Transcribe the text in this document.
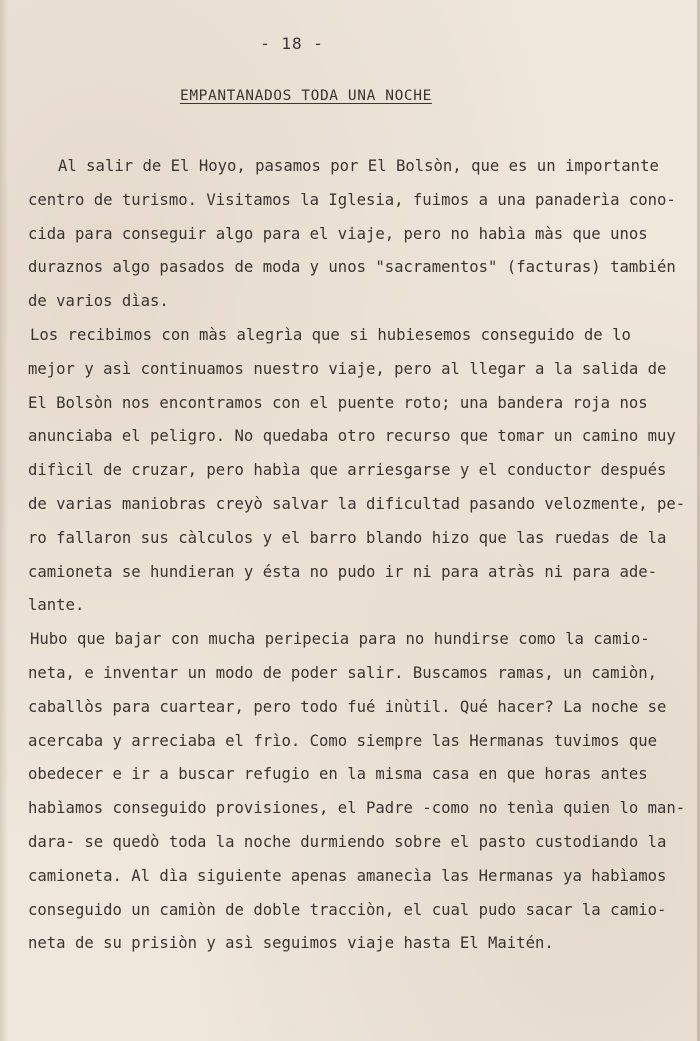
- 18 -
EMPANTANADOS TODA UNA NOCHE
Al salir de El Hoyo, pasamos por El Bolsòn, que es un importante
centro de turismo. Visitamos la Iglesia, fuimos a una panaderìa cono-
cida para conseguir algo para el viaje, pero no habìa màs que unos
duraznos algo pasados de moda y unos "sacramentos" (facturas) también
de varios dìas.
Los recibimos con màs alegrìa que si hubiesemos conseguido de lo
mejor y asì continuamos nuestro viaje, pero al llegar a la salida de
El Bolsòn nos encontramos con el puente roto; una bandera roja nos
anunciaba el peligro. No quedaba otro recurso que tomar un camino muy
difìcil de cruzar, pero habìa que arriesgarse y el conductor después
de varias maniobras creyò salvar la dificultad pasando velozmente, pe-
ro fallaron sus càlculos y el barro blando hizo que las ruedas de la
camioneta se hundieran y ésta no pudo ir ni para atràs ni para ade-
lante.
Hubo que bajar con mucha peripecia para no hundirse como la camio-
neta, e inventar un modo de poder salir. Buscamos ramas, un camiòn,
caballòs para cuartear, pero todo fué inùtil. Qué hacer? La noche se
acercaba y arreciaba el frìo. Como siempre las Hermanas tuvimos que
obedecer e ir a buscar refugio en la misma casa en que horas antes
habìamos conseguido provisiones, el Padre -como no tenìa quien lo man-
dara- se quedò toda la noche durmiendo sobre el pasto custodiando la
camioneta. Al dìa siguiente apenas amanecìa las Hermanas ya habìamos
conseguido un camiòn de doble tracciòn, el cual pudo sacar la camio-
neta de su prisiòn y asì seguimos viaje hasta El Maitén.
